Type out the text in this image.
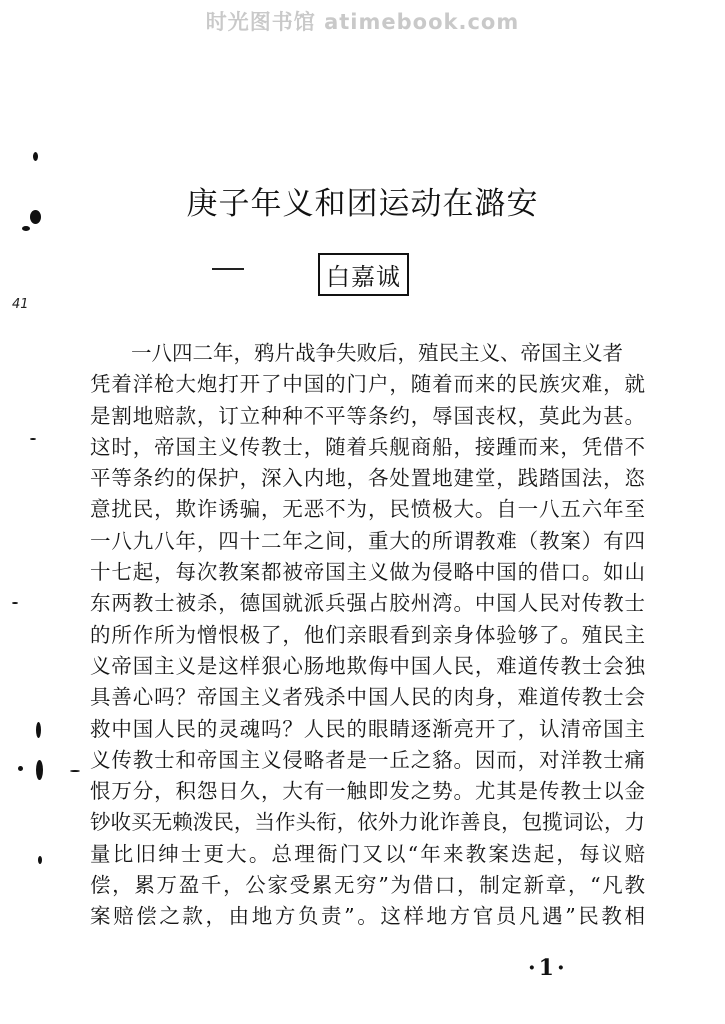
时光图书馆 atimebook.com
庚子年义和团运动在潞安
白嘉诚
一八四二年，鸦片战争失败后，殖民主义、帝国主义者
凭着洋枪大炮打开了中国的门户，随着而来的民族灾难，就
是割地赔款，订立种种不平等条约，辱国丧权，莫此为甚。
这时，帝国主义传教士，随着兵舰商船，接踵而来，凭借不
平等条约的保护，深入内地，各处置地建堂，践踏国法，恣
意扰民，欺诈诱骗，无恶不为，民愤极大。自一八五六年至
一八九八年，四十二年之间，重大的所谓教难（教案）有四
十七起，每次教案都被帝国主义做为侵略中国的借口。如山
东两教士被杀，德国就派兵强占胶州湾。中国人民对传教士
的所作所为憎恨极了，他们亲眼看到亲身体验够了。殖民主
义帝国主义是这样狠心肠地欺侮中国人民，难道传教士会独
具善心吗？帝国主义者残杀中国人民的肉身，难道传教士会
救中国人民的灵魂吗？人民的眼睛逐渐亮开了，认清帝国主
义传教士和帝国主义侵略者是一丘之貉。因而，对洋教士痛
恨万分，积怨日久，大有一触即发之势。尤其是传教士以金
钞收买无赖泼民，当作头衔，依外力讹诈善良，包揽词讼，力
量比旧绅士更大。总理衙门又以“年来教案迭起，每议赔
偿，累万盈千，公家受累无穷”为借口，制定新章，“凡教
案赔偿之款，由地方负责”。这样地方官员凡遇”民教相
·1·
41
